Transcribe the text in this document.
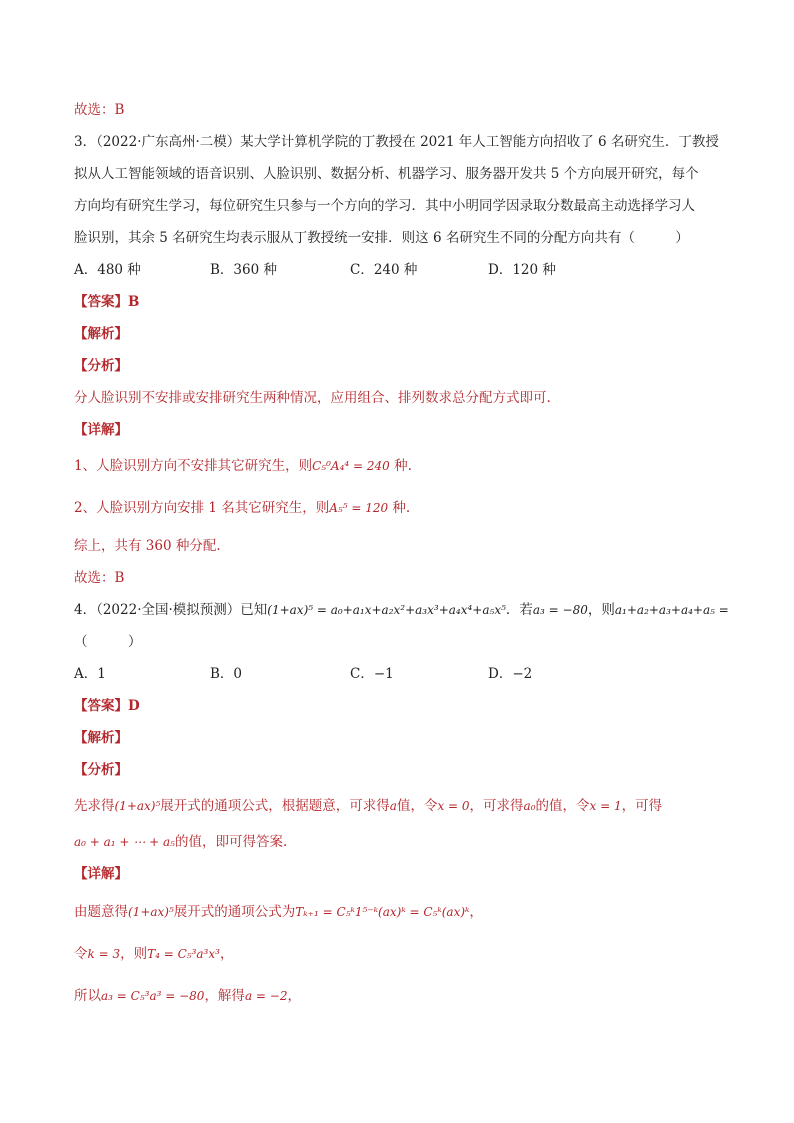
故选：B
3．（2022·广东高州·二模）某大学计算机学院的丁教授在 2021 年人工智能方向招收了 6 名研究生．丁教授
拟从人工智能领域的语音识别、人脸识别、数据分析、机器学习、服务器开发共 5 个方向展开研究，每个
方向均有研究生学习，每位研究生只参与一个方向的学习．其中小明同学因录取分数最高主动选择学习人
脸识别，其余 5 名研究生均表示服从丁教授统一安排．则这 6 名研究生不同的分配方向共有（　　　）
A．480 种	B．360 种	C．240 种	D．120 种
【答案】B
【解析】
【分析】
分人脸识别不安排或安排研究生两种情况，应用组合、排列数求总分配方式即可.
【详解】
1、人脸识别方向不安排其它研究生，则C₅⁰A₄⁴ = 240 种.
2、人脸识别方向安排 1 名其它研究生，则A₅⁵ = 120 种.
综上，共有 360 种分配.
故选：B
4．（2022·全国·模拟预测）已知(1+ax)⁵ = a₀+a₁x+a₂x²+a₃x³+a₄x⁴+a₅x⁵．若a₃ = −80，则a₁+a₂+a₃+a₄+a₅ =
（　　　）
A．1	B．0	C．−1	D．−2
【答案】D
【解析】
【分析】
先求得(1+ax)⁵展开式的通项公式，根据题意，可求得a值，令x = 0，可求得a₀的值，令x = 1，可得
a₀ + a₁ + ⋯ + a₅的值，即可得答案.
【详解】
由题意得(1+ax)⁵展开式的通项公式为Tₖ₊₁ = C₅ᵏ1⁵⁻ᵏ(ax)ᵏ = C₅ᵏ(ax)ᵏ，
令k = 3，则T₄ = C₅³a³x³，
所以a₃ = C₅³a³ = −80，解得a = −2，
